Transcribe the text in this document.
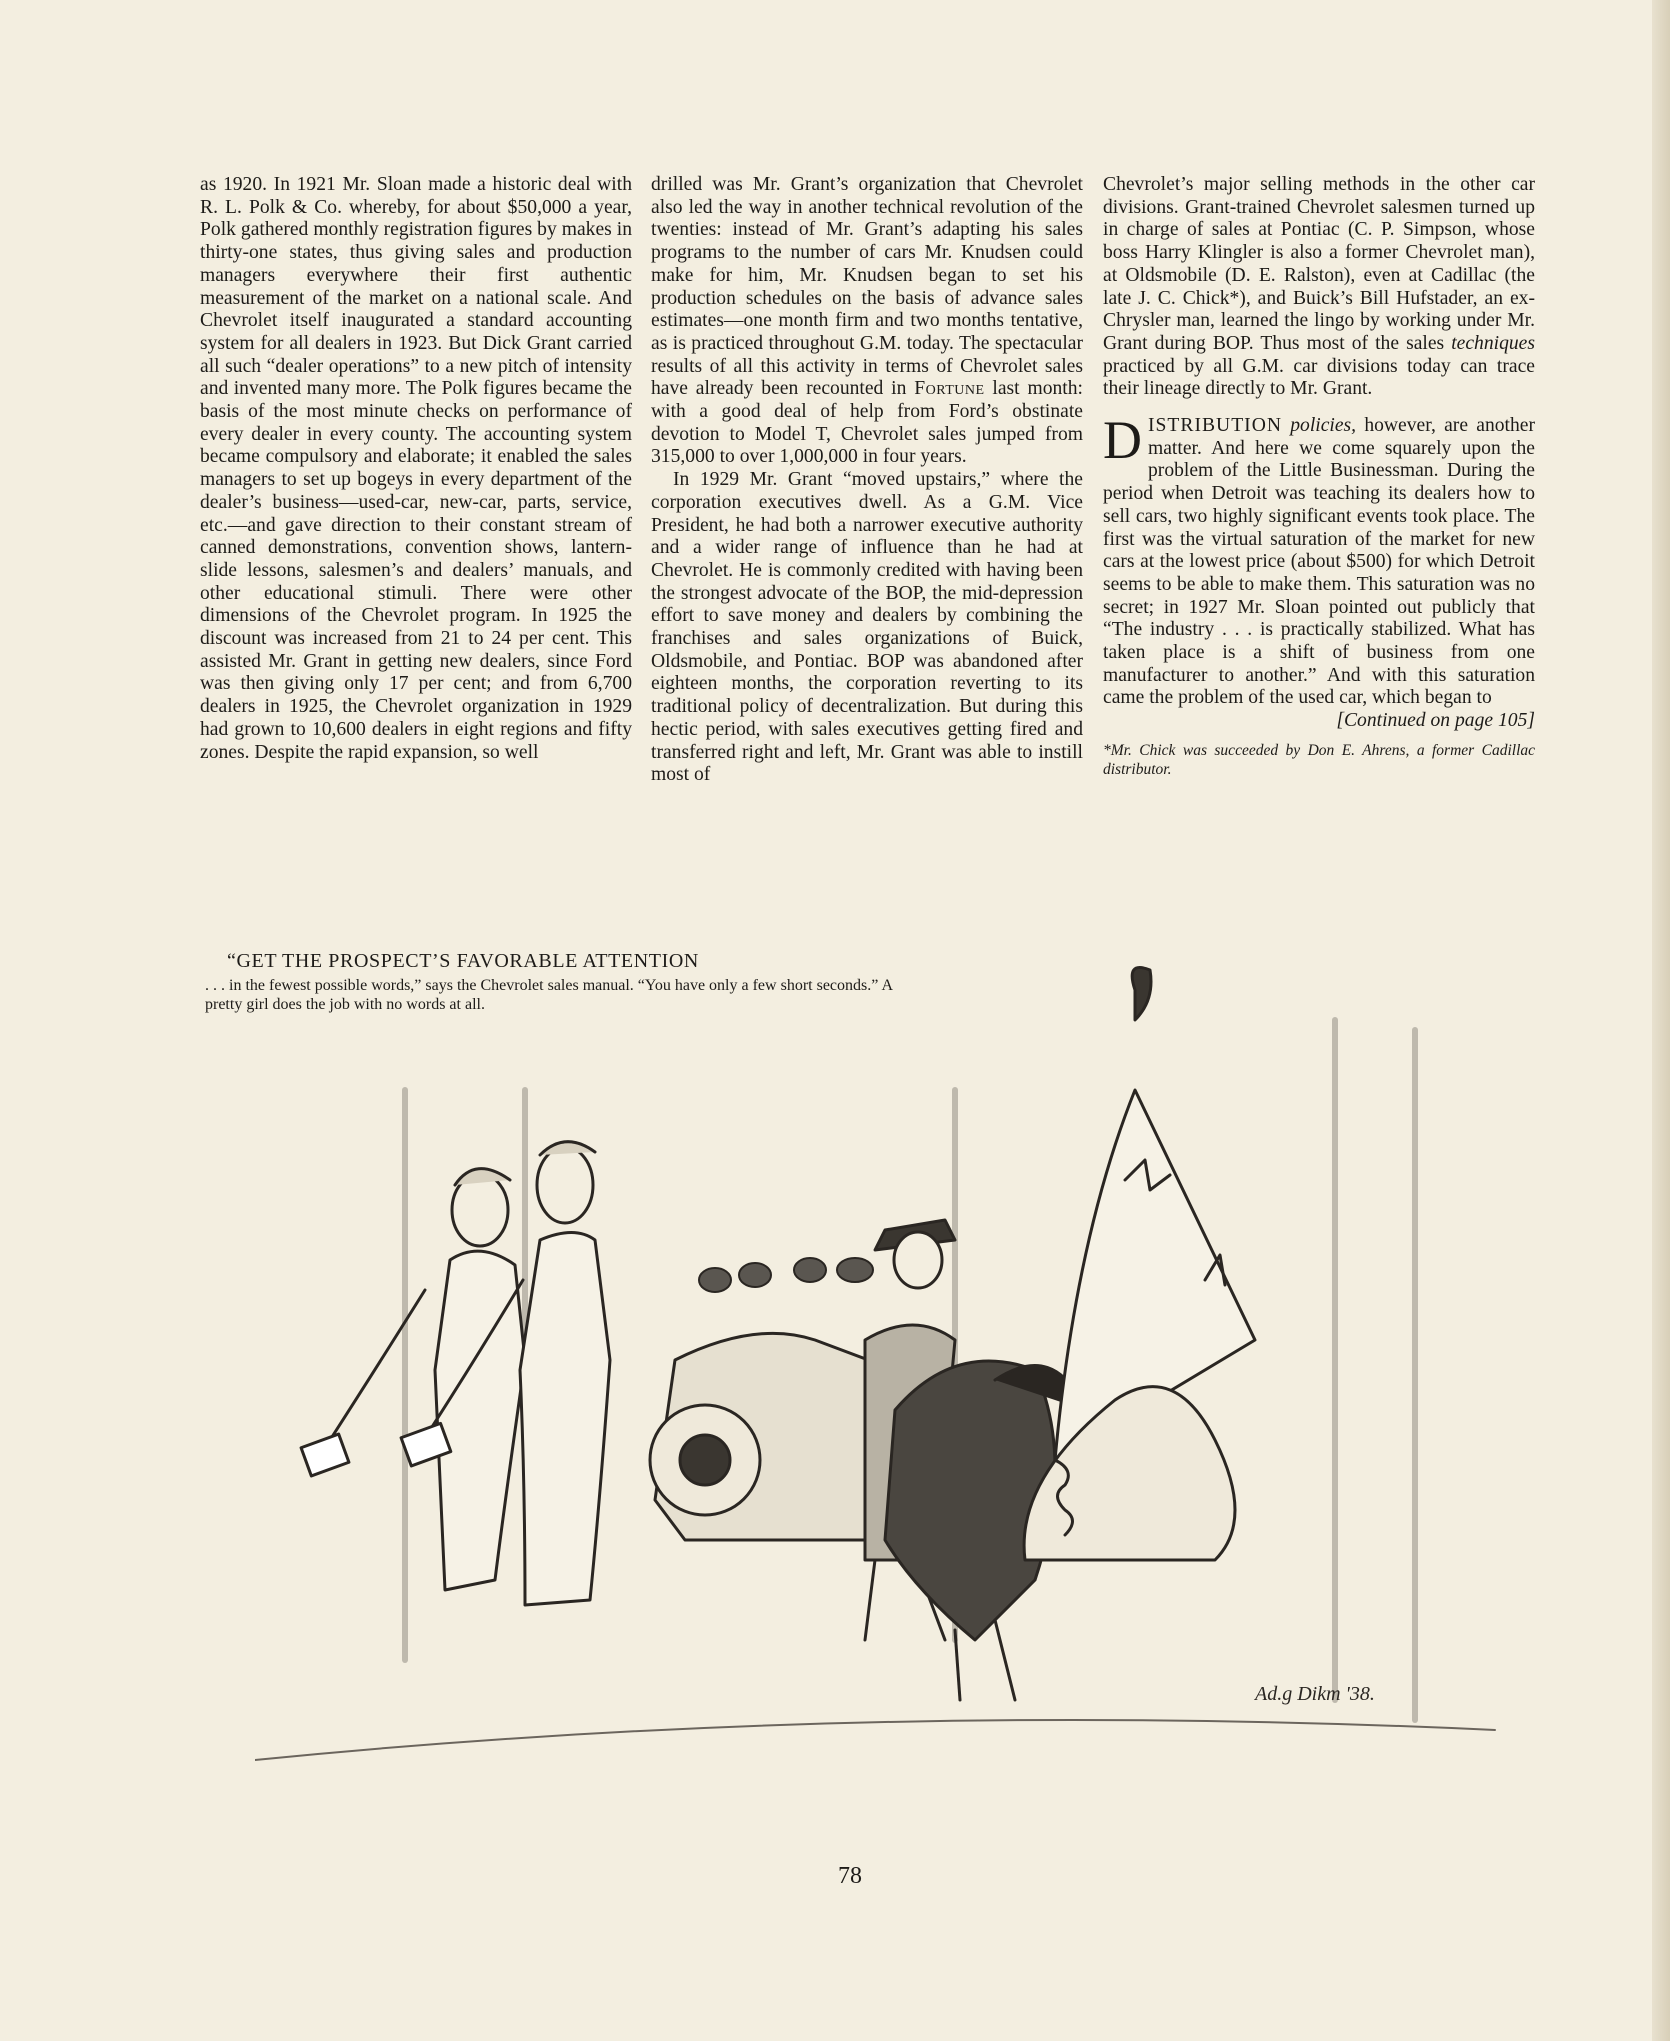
as 1920. In 1921 Mr. Sloan made a historic deal with R. L. Polk & Co. whereby, for about $50,000 a year, Polk gathered monthly registration figures by makes in thirty-one states, thus giving sales and production managers everywhere their first authentic measurement of the market on a national scale. And Chevrolet itself inaugurated a standard accounting system for all dealers in 1923. But Dick Grant carried all such “dealer operations” to a new pitch of intensity and invented many more. The Polk figures became the basis of the most minute checks on performance of every dealer in every county. The accounting system became compulsory and elaborate; it enabled the sales managers to set up bogeys in every department of the dealer’s business—used-car, new-car, parts, service, etc.—and gave direction to their constant stream of canned demonstrations, convention shows, lantern-slide lessons, salesmen’s and dealers’ manuals, and other educational stimuli. There were other dimensions of the Chevrolet program. In 1925 the discount was increased from 21 to 24 per cent. This assisted Mr. Grant in getting new dealers, since Ford was then giving only 17 per cent; and from 6,700 dealers in 1925, the Chevrolet organization in 1929 had grown to 10,600 dealers in eight regions and fifty zones. Despite the rapid expansion, so well

drilled was Mr. Grant’s organization that Chevrolet also led the way in another technical revolution of the twenties: instead of Mr. Grant’s adapting his sales programs to the number of cars Mr. Knudsen could make for him, Mr. Knudsen began to set his production schedules on the basis of advance sales estimates—one month firm and two months tentative, as is practiced throughout G.M. today. The spectacular results of all this activity in terms of Chevrolet sales have already been recounted in Fortune last month: with a good deal of help from Ford’s obstinate devotion to Model T, Chevrolet sales jumped from 315,000 to over 1,000,000 in four years.

In 1929 Mr. Grant “moved upstairs,” where the corporation executives dwell. As a G.M. Vice President, he had both a narrower executive authority and a wider range of influence than he had at Chevrolet. He is commonly credited with having been the strongest advocate of the BOP, the mid-depression effort to save money and dealers by combining the franchises and sales organizations of Buick, Oldsmobile, and Pontiac. BOP was abandoned after eighteen months, the corporation reverting to its traditional policy of decentralization. But during this hectic period, with sales executives getting fired and transferred right and left, Mr. Grant was able to instill most of

Chevrolet’s major selling methods in the other car divisions. Grant-trained Chevrolet salesmen turned up in charge of sales at Pontiac (C. P. Simpson, whose boss Harry Klingler is also a former Chevrolet man), at Oldsmobile (D. E. Ralston), even at Cadillac (the late J. C. Chick*), and Buick’s Bill Hufstader, an ex-Chrysler man, learned the lingo by working under Mr. Grant during BOP. Thus most of the sales techniques practiced by all G.M. car divisions today can trace their lineage directly to Mr. Grant.

DISTRIBUTION policies, however, are another matter. And here we come squarely upon the problem of the Little Businessman. During the period when Detroit was teaching its dealers how to sell cars, two highly significant events took place. The first was the virtual saturation of the market for new cars at the lowest price (about $500) for which Detroit seems to be able to make them. This saturation was no secret; in 1927 Mr. Sloan pointed out publicly that “The industry . . . is practically stabilized. What has taken place is a shift of business from one manufacturer to another.” And with this saturation came the problem of the used car, which began to

[Continued on page 105]

*Mr. Chick was succeeded by Don E. Ahrens, a former Cadillac distributor.

“GET THE PROSPECT’S FAVORABLE ATTENTION
. . . in the fewest possible words,” says the Chevrolet sales manual. “You have only a few short seconds.” A pretty girl does the job with no words at all.
Ad.g Dikm '38.
78
